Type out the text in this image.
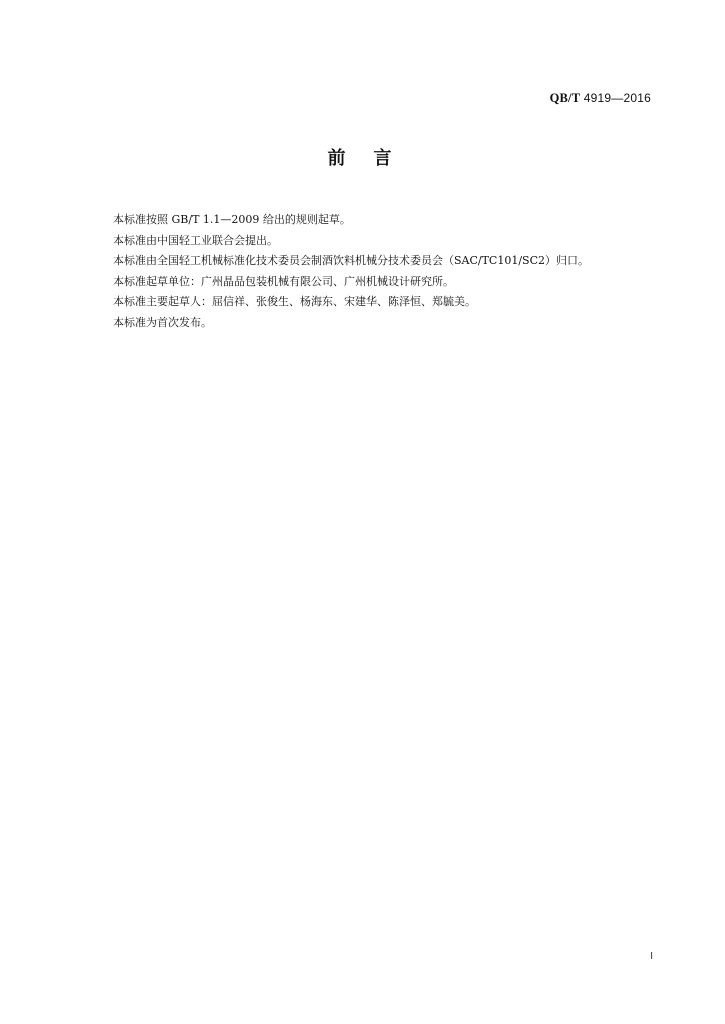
QB/T 4919—2016
前言

本标准按照 GB/T 1.1—2009 给出的规则起草。

本标准由中国轻工业联合会提出。

本标准由全国轻工机械标准化技术委员会制酒饮料机械分技术委员会（SAC/TC101/SC2）归口。

本标准起草单位：广州晶品包装机械有限公司、广州机械设计研究所。

本标准主要起草人：屈信祥、张俊生、杨海东、宋建华、陈泽恒、郑毓美。

本标准为首次发布。

I
